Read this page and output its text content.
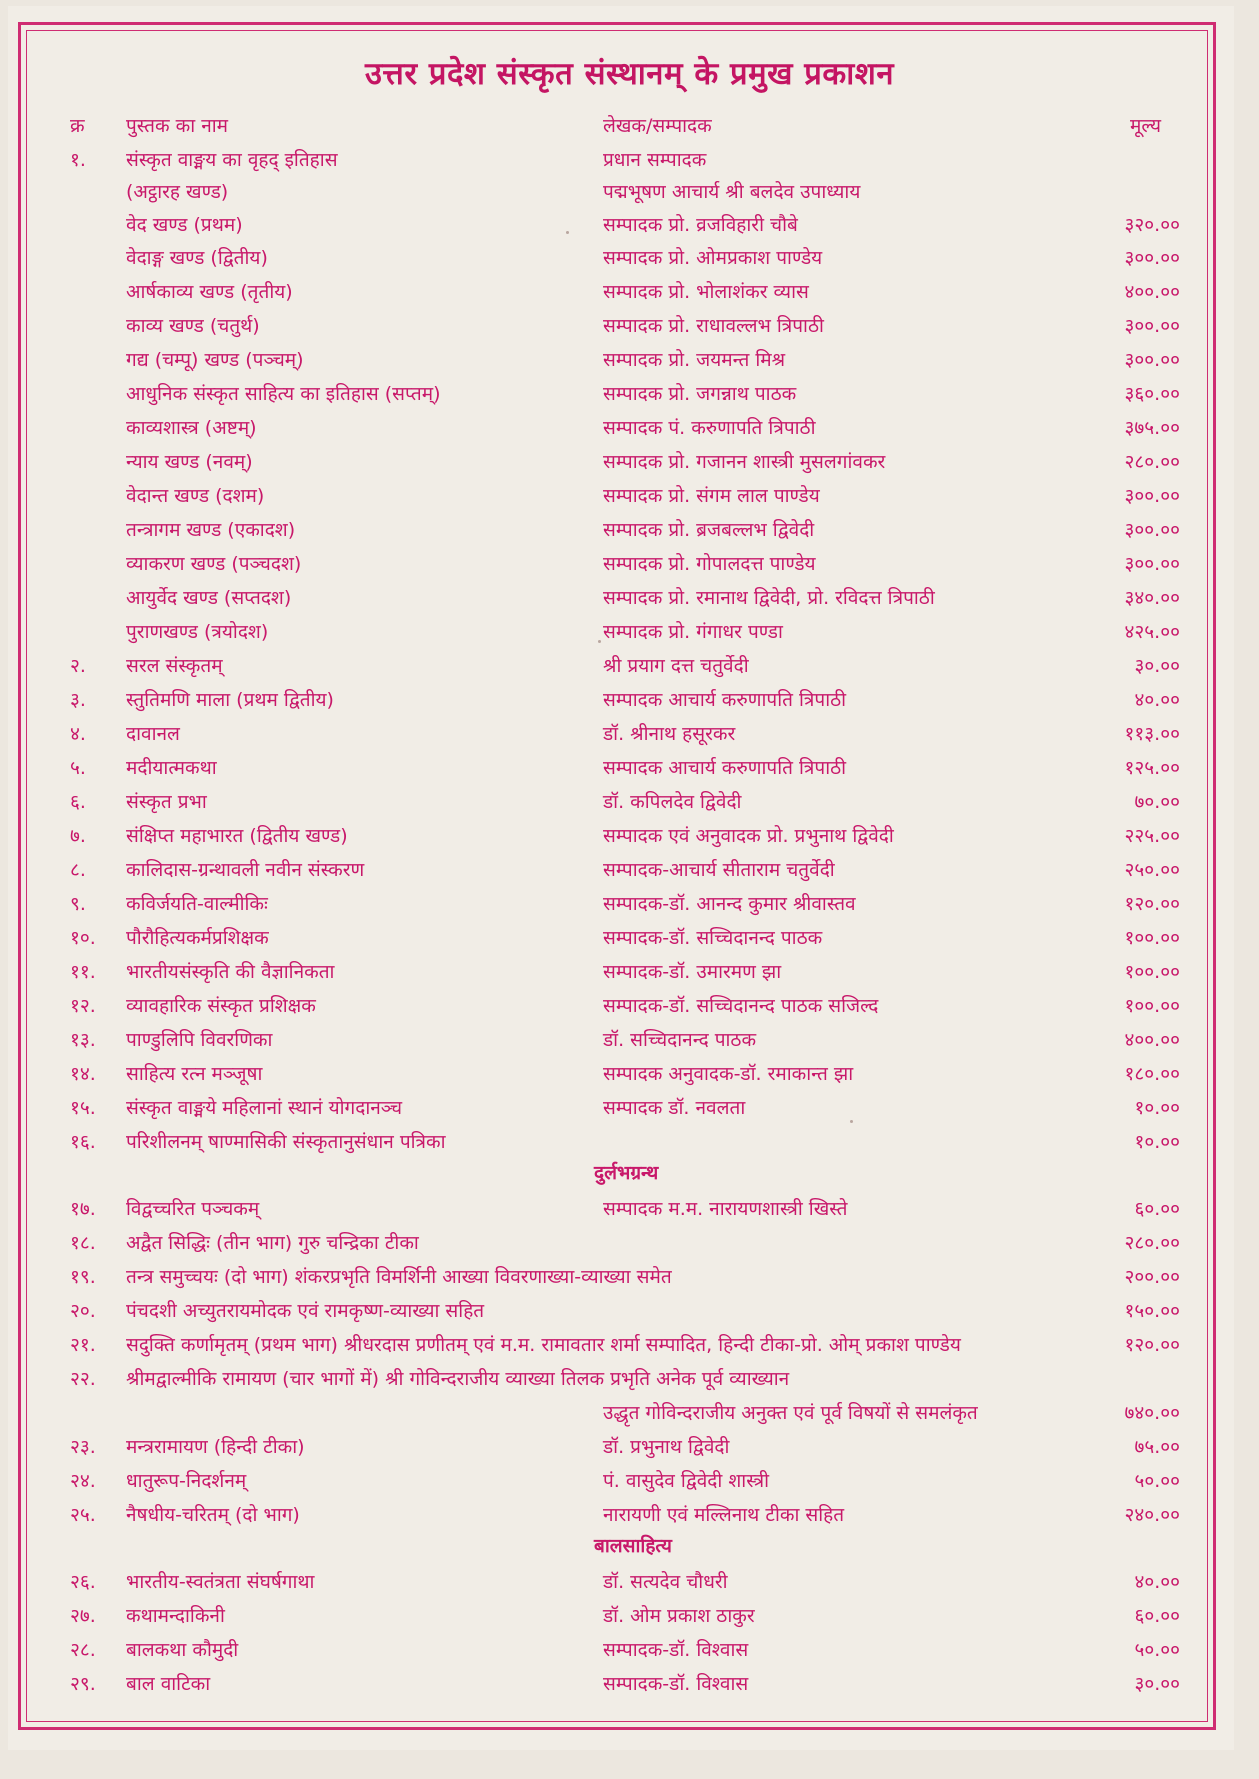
उत्तर प्रदेश संस्कृत संस्थानम् के प्रमुख प्रकाशन
क्र पुस्तक का नाम	लेखक/सम्पादक	मूल्य
दुर्लभग्रन्थ
बालसाहित्य
१. संस्कृत वाङ्मय का वृहद् इतिहास	प्रधान सम्पादक
(अट्ठारह खण्ड)	पद्मभूषण आचार्य श्री बलदेव उपाध्याय
वेद खण्ड (प्रथम)	सम्पादक प्रो. व्रजविहारी चौबे	३२०.००
वेदाङ्ग खण्ड (द्वितीय)	सम्पादक प्रो. ओमप्रकाश पाण्डेय	३००.००
आर्षकाव्य खण्ड (तृतीय)	सम्पादक प्रो. भोलाशंकर व्यास	४००.००
काव्य खण्ड (चतुर्थ)	सम्पादक प्रो. राधावल्लभ त्रिपाठी	३००.००
गद्य (चम्पू) खण्ड (पञ्चम्)	सम्पादक प्रो. जयमन्त मिश्र	३००.००
आधुनिक संस्कृत साहित्य का इतिहास (सप्तम्)	सम्पादक प्रो. जगन्नाथ पाठक	३६०.००
काव्यशास्त्र (अष्टम्)	सम्पादक पं. करुणापति त्रिपाठी	३७५.००
न्याय खण्ड (नवम्)	सम्पादक प्रो. गजानन शास्त्री मुसलगांवकर	२८०.००
वेदान्त खण्ड (दशम)	सम्पादक प्रो. संगम लाल पाण्डेय	३००.००
तन्त्रागम खण्ड (एकादश)	सम्पादक प्रो. ब्रजबल्लभ द्विवेदी	३००.००
व्याकरण खण्ड (पञ्चदश)	सम्पादक प्रो. गोपालदत्त पाण्डेय	३००.००
आयुर्वेद खण्ड (सप्तदश)	सम्पादक प्रो. रमानाथ द्विवेदी, प्रो. रविदत्त त्रिपाठी	३४०.००
पुराणखण्ड (त्रयोदश)	सम्पादक प्रो. गंगाधर पण्डा	४२५.००
२. सरल संस्कृतम्	श्री प्रयाग दत्त चतुर्वेदी	३०.००
३. स्तुतिमणि माला (प्रथम द्वितीय)	सम्पादक आचार्य करुणापति त्रिपाठी	४०.००
४. दावानल	डॉ. श्रीनाथ हसूरकर	११३.००
५. मदीयात्मकथा	सम्पादक आचार्य करुणापति त्रिपाठी	१२५.००
६. संस्कृत प्रभा	डॉ. कपिलदेव द्विवेदी	७०.००
७. संक्षिप्त महाभारत (द्वितीय खण्ड)	सम्पादक एवं अनुवादक प्रो. प्रभुनाथ द्विवेदी	२२५.००
८. कालिदास-ग्रन्थावली नवीन संस्करण	सम्पादक-आचार्य सीताराम चतुर्वेदी	२५०.००
९. कविर्जयति-वाल्मीकिः	सम्पादक-डॉ. आनन्द कुमार श्रीवास्तव	१२०.००
१०. पौरौहित्यकर्मप्रशिक्षक	सम्पादक-डॉ. सच्चिदानन्द पाठक	१००.००
११. भारतीयसंस्कृति की वैज्ञानिकता	सम्पादक-डॉ. उमारमण झा	१००.००
१२. व्यावहारिक संस्कृत प्रशिक्षक	सम्पादक-डॉ. सच्चिदानन्द पाठक सजिल्द	१००.००
१३. पाण्डुलिपि विवरणिका	डॉ. सच्चिदानन्द पाठक	४००.००
१४. साहित्य रत्न मञ्जूषा	सम्पादक अनुवादक-डॉ. रमाकान्त झा	१८०.००
१५. संस्कृत वाङ्मये महिलानां स्थानं योगदानञ्च	सम्पादक डॉ. नवलता	१०.००
१६. परिशीलनम् षाण्मासिकी संस्कृतानुसंधान पत्रिका	१०.००
१७. विद्वच्चरित पञ्चकम्	सम्पादक म.म. नारायणशास्त्री खिस्ते	६०.००
१८. अद्वैत सिद्धिः (तीन भाग) गुरु चन्द्रिका टीका	२८०.००
१९. तन्त्र समुच्चयः (दो भाग) शंकरप्रभृति विमर्शिनी आख्या विवरणाख्या-व्याख्या समेत	२००.००
२०. पंचदशी अच्युतरायमोदक एवं रामकृष्ण-व्याख्या सहित	१५०.००
२१. सदुक्ति कर्णामृतम् (प्रथम भाग) श्रीधरदास प्रणीतम् एवं म.म. रामावतार शर्मा सम्पादित, हिन्दी टीका-प्रो. ओम् प्रकाश पाण्डेय	१२०.००
२२. श्रीमद्वाल्मीकि रामायण (चार भागों में) श्री गोविन्दराजीय व्याख्या तिलक प्रभृति अनेक पूर्व व्याख्यान
उद्धृत गोविन्दराजीय अनुक्त एवं पूर्व विषयों से समलंकृत	७४०.००
२३. मन्त्ररामायण (हिन्दी टीका)	डॉ. प्रभुनाथ द्विवेदी	७५.००
२४. धातुरूप-निदर्शनम्	पं. वासुदेव द्विवेदी शास्त्री	५०.००
२५. नैषधीय-चरितम् (दो भाग)	नारायणी एवं मल्लिनाथ टीका सहित	२४०.००
२६. भारतीय-स्वतंत्रता संघर्षगाथा	डॉ. सत्यदेव चौधरी	४०.००
२७. कथामन्दाकिनी	डॉ. ओम प्रकाश ठाकुर	६०.००
२८. बालकथा कौमुदी	सम्पादक-डॉ. विश्वास	५०.००
२९. बाल वाटिका	सम्पादक-डॉ. विश्वास	३०.००
